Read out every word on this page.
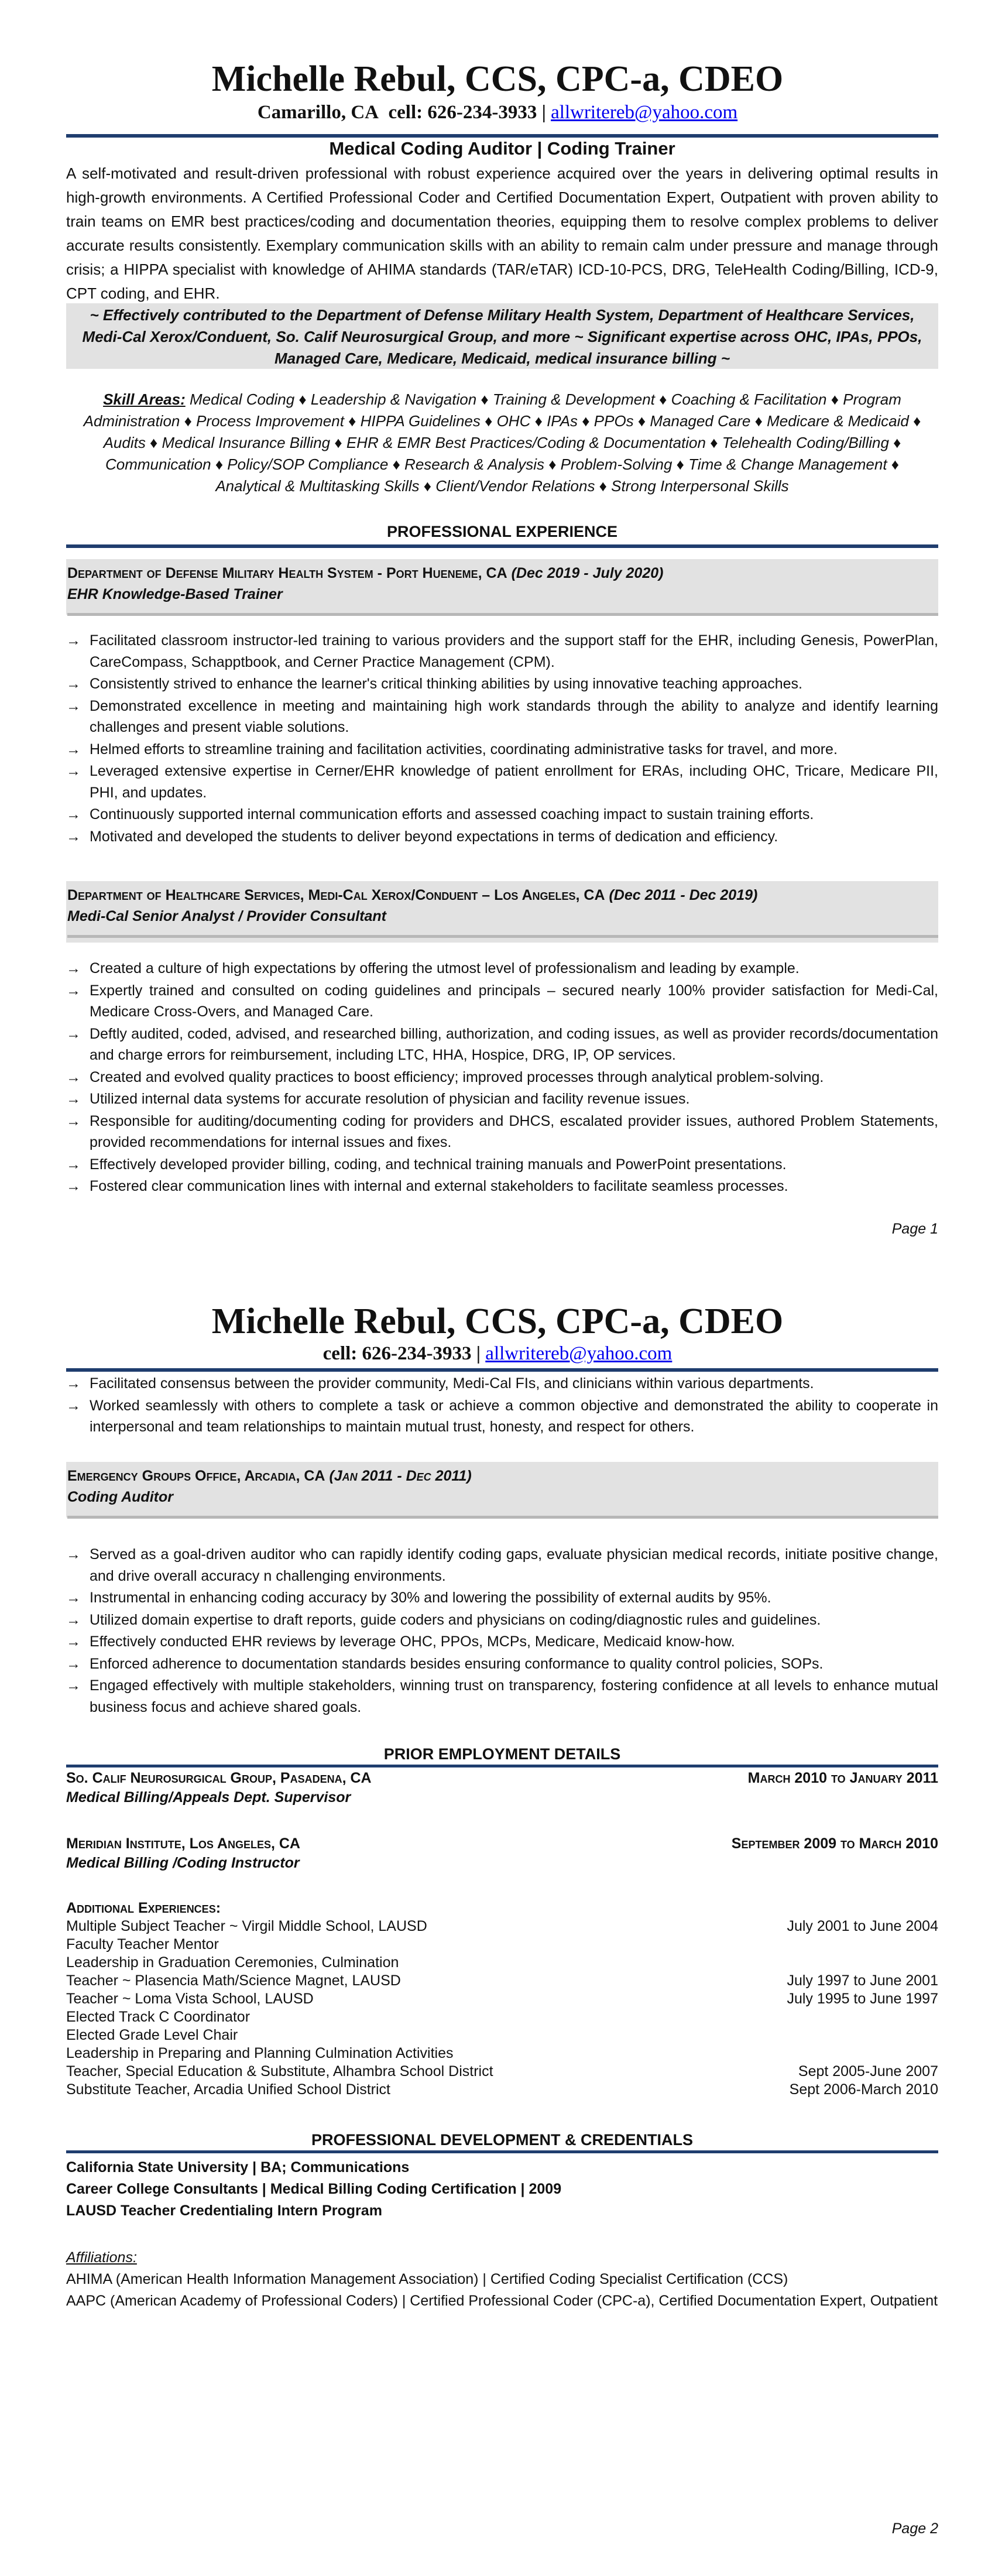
Michelle Rebul, CCS, CPC-a, CDEO
Camarillo, CA cell: 626-234-3933 | allwritereb@yahoo.com
Medical Coding Auditor | Coding Trainer
A self-motivated and result-driven professional with robust experience acquired over the years in delivering optimal results in high-growth environments. A Certified Professional Coder and Certified Documentation Expert, Outpatient with proven ability to train teams on EMR best practices/coding and documentation theories, equipping them to resolve complex problems to deliver accurate results consistently. Exemplary communication skills with an ability to remain calm under pressure and manage through crisis; a HIPPA specialist with knowledge of AHIMA standards (TAR/eTAR) ICD-10-PCS, DRG, TeleHealth Coding/Billing, ICD-9, CPT coding, and EHR.
~ Effectively contributed to the Department of Defense Military Health System, Department of Healthcare Services, Medi-Cal Xerox/Conduent, So. Calif Neurosurgical Group, and more ~ Significant expertise across OHC, IPAs, PPOs, Managed Care, Medicare, Medicaid, medical insurance billing ~
Skill Areas: Medical Coding ♦ Leadership & Navigation ♦ Training & Development ♦ Coaching & Facilitation ♦ Program Administration ♦ Process Improvement ♦ HIPPA Guidelines ♦ OHC ♦ IPAs ♦ PPOs ♦ Managed Care ♦ Medicare & Medicaid ♦ Audits ♦ Medical Insurance Billing ♦ EHR & EMR Best Practices/Coding & Documentation ♦ Telehealth Coding/Billing ♦ Communication ♦ Policy/SOP Compliance ♦ Research & Analysis ♦ Problem-Solving ♦ Time & Change Management ♦ Analytical & Multitasking Skills ♦ Client/Vendor Relations ♦ Strong Interpersonal Skills
PROFESSIONAL EXPERIENCE
Department of Defense Military Health System - Port Hueneme, CA (Dec 2019 - July 2020)
EHR Knowledge-Based Trainer
→ Facilitated classroom instructor-led training to various providers and the support staff for the EHR, including Genesis, PowerPlan, CareCompass, Schapptbook, and Cerner Practice Management (CPM).
→ Consistently strived to enhance the learner's critical thinking abilities by using innovative teaching approaches.
→ Demonstrated excellence in meeting and maintaining high work standards through the ability to analyze and identify learning challenges and present viable solutions.
→ Helmed efforts to streamline training and facilitation activities, coordinating administrative tasks for travel, and more.
→ Leveraged extensive expertise in Cerner/EHR knowledge of patient enrollment for ERAs, including OHC, Tricare, Medicare PII, PHI, and updates.
→ Continuously supported internal communication efforts and assessed coaching impact to sustain training efforts.
→ Motivated and developed the students to deliver beyond expectations in terms of dedication and efficiency.
Department of Healthcare Services, Medi-Cal Xerox/Conduent – Los Angeles, CA (Dec 2011 - Dec 2019)
Medi-Cal Senior Analyst / Provider Consultant
→ Created a culture of high expectations by offering the utmost level of professionalism and leading by example.
→ Expertly trained and consulted on coding guidelines and principals – secured nearly 100% provider satisfaction for Medi-Cal, Medicare Cross-Overs, and Managed Care.
→ Deftly audited, coded, advised, and researched billing, authorization, and coding issues, as well as provider records/documentation and charge errors for reimbursement, including LTC, HHA, Hospice, DRG, IP, OP services.
→ Created and evolved quality practices to boost efficiency; improved processes through analytical problem-solving.
→ Utilized internal data systems for accurate resolution of physician and facility revenue issues.
→ Responsible for auditing/documenting coding for providers and DHCS, escalated provider issues, authored Problem Statements, provided recommendations for internal issues and fixes.
→ Effectively developed provider billing, coding, and technical training manuals and PowerPoint presentations.
→ Fostered clear communication lines with internal and external stakeholders to facilitate seamless processes.
Page 1
Michelle Rebul, CCS, CPC-a, CDEO
cell: 626-234-3933 | allwritereb@yahoo.com
→ Facilitated consensus between the provider community, Medi-Cal FIs, and clinicians within various departments.
→ Worked seamlessly with others to complete a task or achieve a common objective and demonstrated the ability to cooperate in interpersonal and team relationships to maintain mutual trust, honesty, and respect for others.
Emergency Groups Office, Arcadia, CA (Jan 2011 - Dec 2011)
Coding Auditor
→ Served as a goal-driven auditor who can rapidly identify coding gaps, evaluate physician medical records, initiate positive change, and drive overall accuracy n challenging environments.
→ Instrumental in enhancing coding accuracy by 30% and lowering the possibility of external audits by 95%.
→ Utilized domain expertise to draft reports, guide coders and physicians on coding/diagnostic rules and guidelines.
→ Effectively conducted EHR reviews by leverage OHC, PPOs, MCPs, Medicare, Medicaid know-how.
→ Enforced adherence to documentation standards besides ensuring conformance to quality control policies, SOPs.
→ Engaged effectively with multiple stakeholders, winning trust on transparency, fostering confidence at all levels to enhance mutual business focus and achieve shared goals.
PRIOR EMPLOYMENT DETAILS
So. Calif Neurosurgical Group, Pasadena, CA	March 2010 to January 2011
Medical Billing/Appeals Dept. Supervisor
Meridian Institute, Los Angeles, CA	September 2009 to March 2010
Medical Billing /Coding Instructor
Additional Experiences:
Multiple Subject Teacher ~ Virgil Middle School, LAUSD	July 2001 to June 2004
Faculty Teacher Mentor
Leadership in Graduation Ceremonies, Culmination
Teacher ~ Plasencia Math/Science Magnet, LAUSD	July 1997 to June 2001
Teacher ~ Loma Vista School, LAUSD	July 1995 to June 1997
Elected Track C Coordinator
Elected Grade Level Chair
Leadership in Preparing and Planning Culmination Activities
Teacher, Special Education & Substitute, Alhambra School District	Sept 2005-June 2007
Substitute Teacher, Arcadia Unified School District	Sept 2006-March 2010
PROFESSIONAL DEVELOPMENT & CREDENTIALS
California State University | BA; Communications
Career College Consultants | Medical Billing Coding Certification | 2009
LAUSD Teacher Credentialing Intern Program
Affiliations:
AHIMA (American Health Information Management Association) | Certified Coding Specialist Certification (CCS)
AAPC (American Academy of Professional Coders) | Certified Professional Coder (CPC-a), Certified Documentation Expert, Outpatient
Page 2
